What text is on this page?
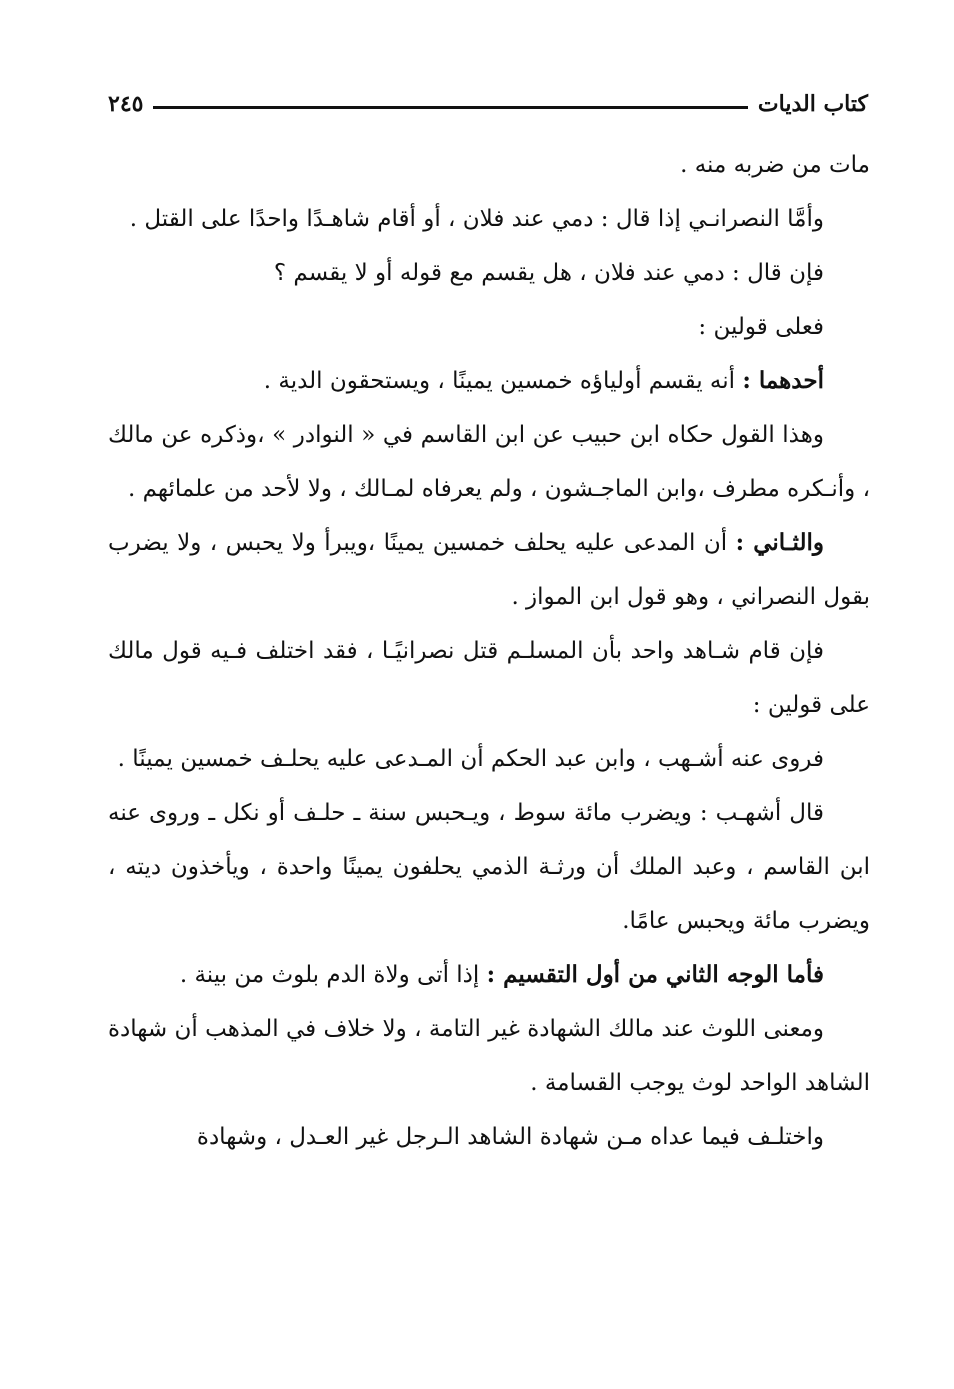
كتاب الديات
٢٤٥

مات من ضربه منه .

وأمَّا النصرانـي إذا قال : دمي عند فلان ، أو أقام شاهـدًا واحدًا على القتل .

فإن قال : دمي عند فلان ، هل يقسم مع قوله أو لا يقسم ؟

فعلى قولين :

أحدهما : أنه يقسم أولياؤه خمسين يمينًا ، ويستحقون الدية .

وهذا القول حكاه ابن حبيب عن ابن القاسم في « النوادر » ،وذكره عن مالك ، وأنـكره مطرف ،وابن الماجـشون ، ولم يعرفاه لمـالك ، ولا لأحد من علمائهم .

والثـاني : أن المدعى عليه يحلف خمسين يمينًا ،ويبرأ ولا يحبس ، ولا يضرب بقول النصراني ، وهو قول ابن المواز .

فإن قام شـاهد واحد بأن المسلـم قتل نصرانيًـا ، فقد اختلف فـيه قول مالك على قولين :

فروى عنه أشـهب ، وابن عبد الحكم أن المـدعى عليه يحلـف خمسين يمينًا .

قال أشهـب : ويضرب مائة سوط ، ويـحبس سنة ـ حلـف أو نكل ـ وروى عنه ابن القاسم ، وعبد الملك أن ورثـة الذمي يحلفون يمينًا واحدة ، ويأخذون ديته ، ويضرب مائة ويحبس عامًا.

فأما الوجه الثاني من أول التقسيم : إذا أتى ولاة الدم بلوث من بينة .

ومعنى اللوث عند مالك الشهادة غير التامة ، ولا خلاف في المذهب أن شهادة الشاهد الواحد لوث يوجب القسامة .

واختلـف فيما عداه مـن شهادة الشاهد الـرجل غير العـدل ، وشهادة
